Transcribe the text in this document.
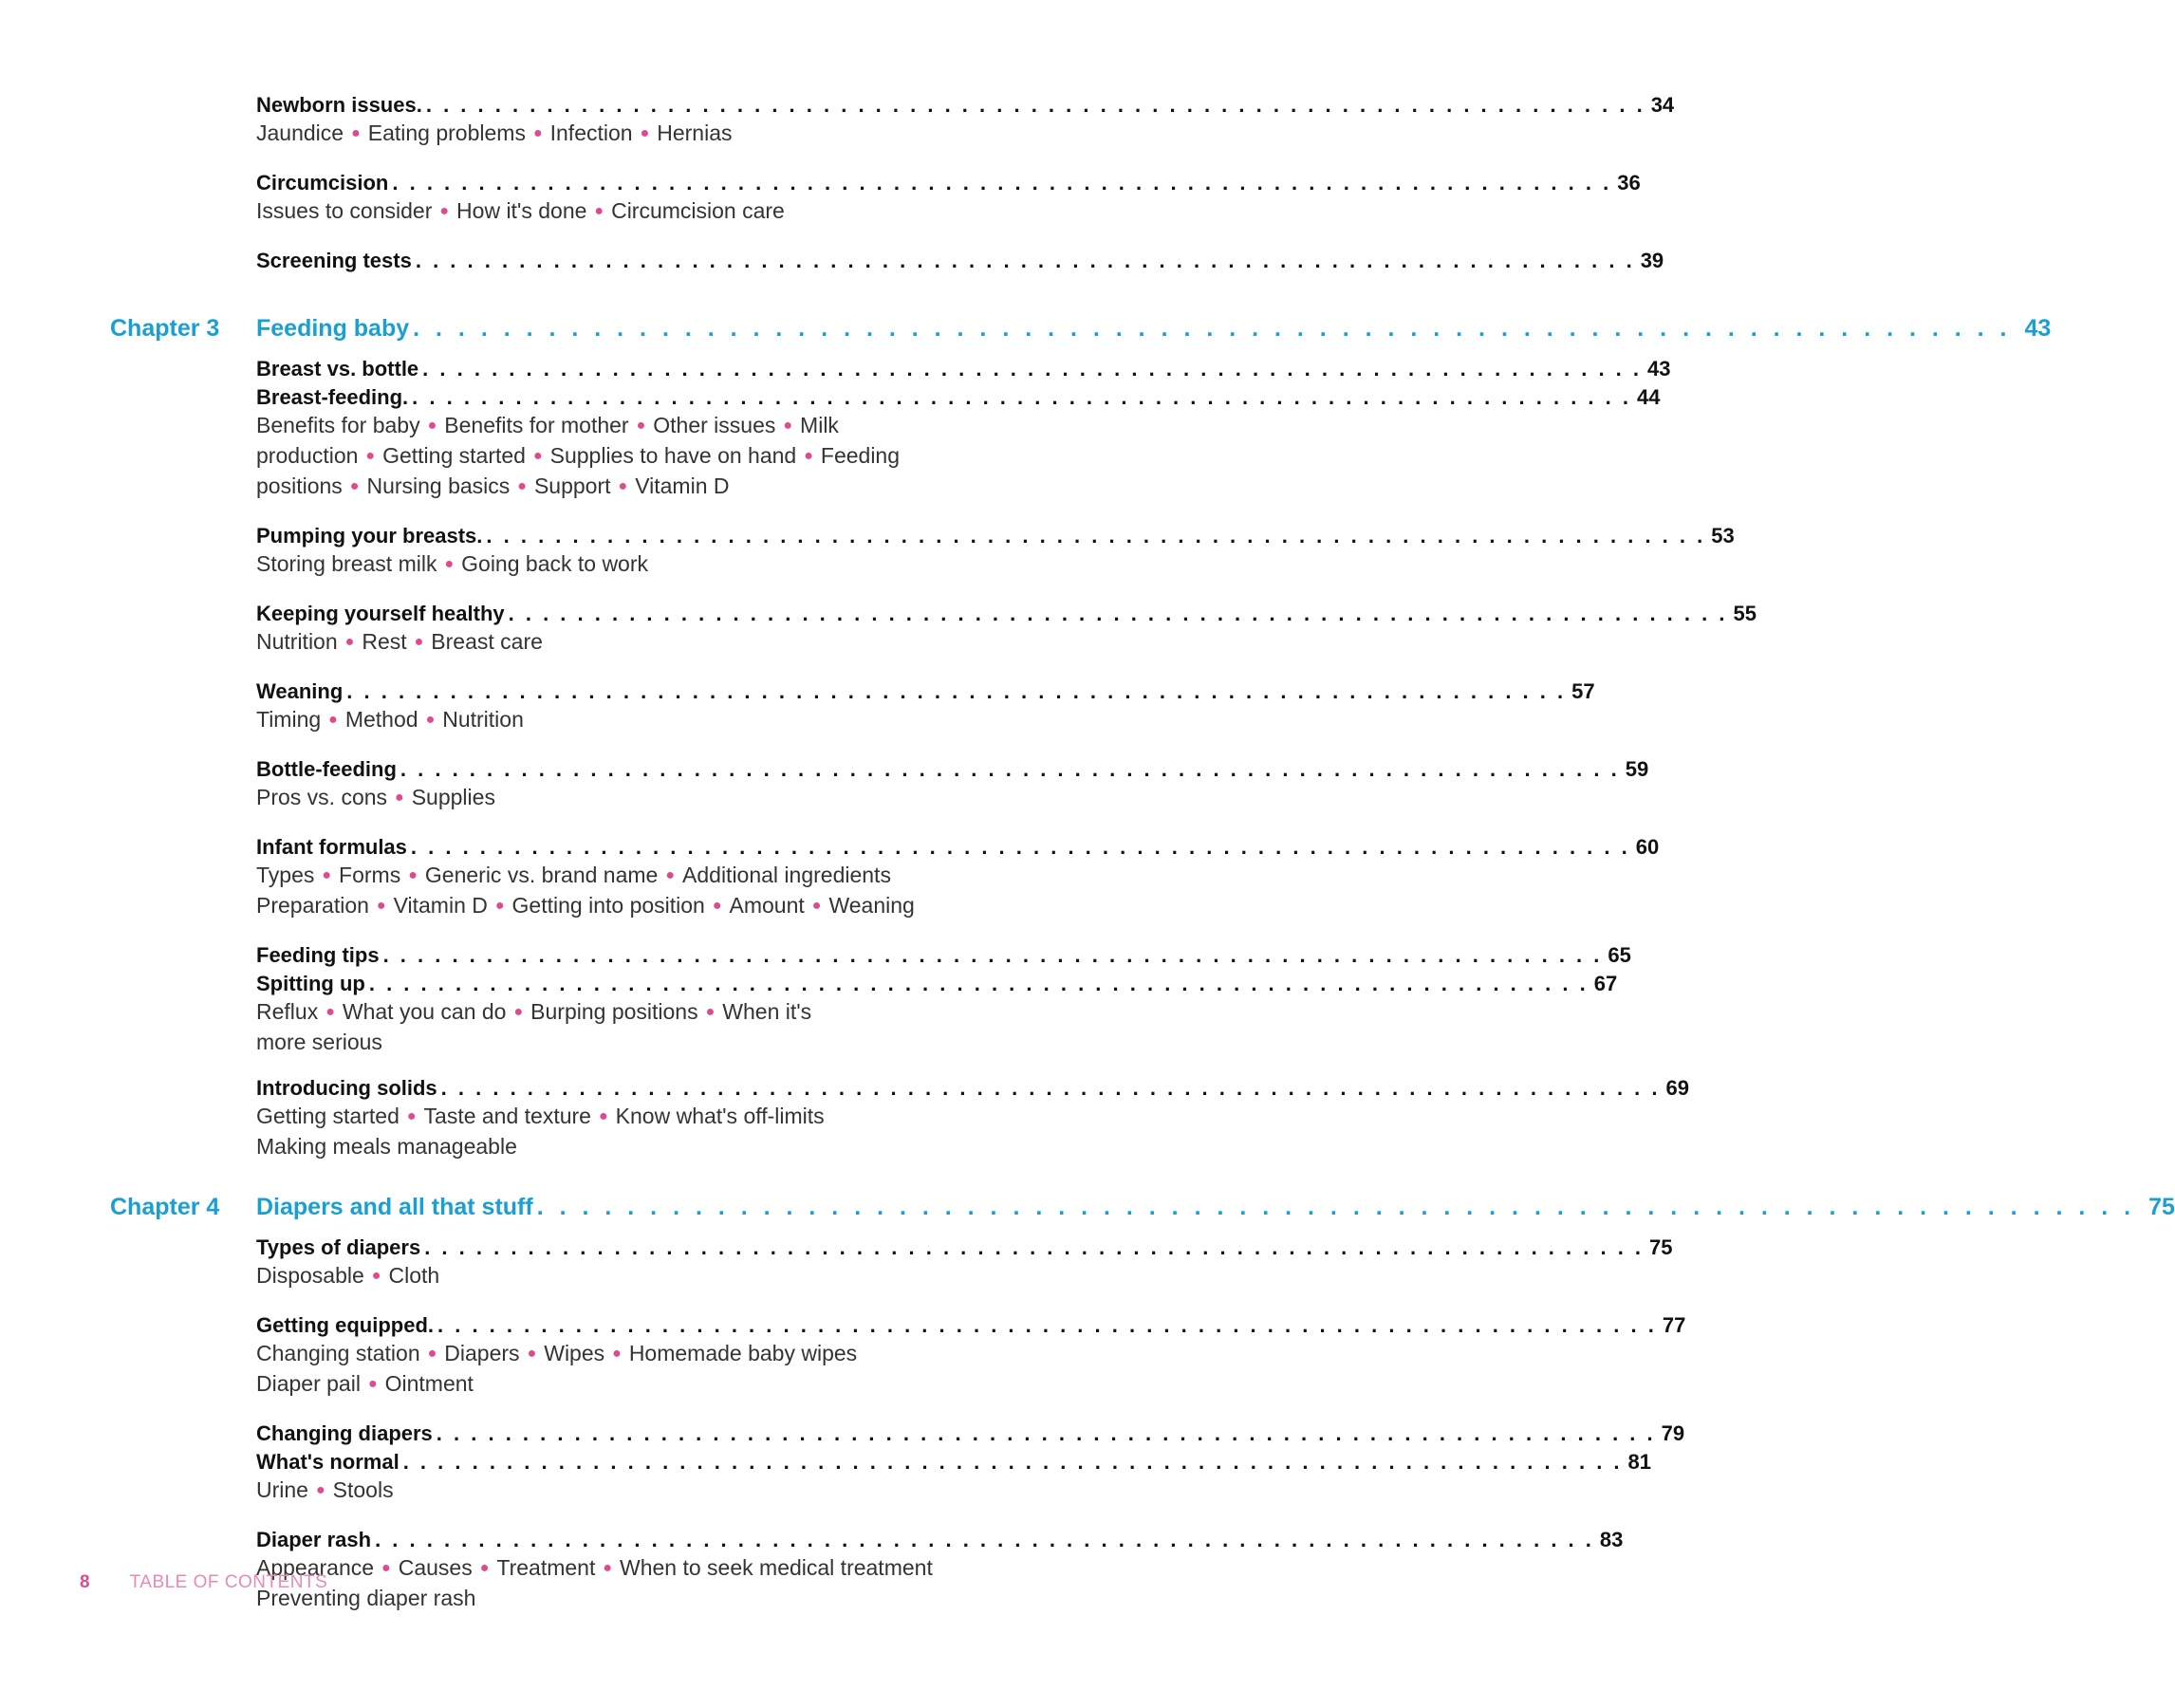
Newborn issues. . . . . . . . . . . . . . . . . . . . . . . . . . . . . . . . . . . . . . . . . . . . . . . . . . . . . . . . . . . . . . . . . . . . . . . . 34
Jaundice ● Eating problems ● Infection ● Hernias
Circumcision . . . . . . . . . . . . . . . . . . . . . . . . . . . . . . . . . . . . . . . . . . . . . . . . . . . . . . . . . . . . . . . . . . . . . . . 36
Issues to consider ● How it's done ● Circumcision care
Screening tests . . . . . . . . . . . . . . . . . . . . . . . . . . . . . . . . . . . . . . . . . . . . . . . . . . . . . . . . . . . . . . . . . . . . . . . 39
Chapter 3 Feeding baby . . . . . . . . . . . . . . . . . . . . . . . . . . . . . . . . . . . . . . . . . . . . . . . . . . . . . . . . . . . . . . . . . . . . . . . 43
Breast vs. bottle . . . . . . . . . . . . . . . . . . . . . . . . . . . . . . . . . . . . . . . . . . . . . . . . . . . . . . . . . . . . . . . . . . . . . . . 43
Breast-feeding. . . . . . . . . . . . . . . . . . . . . . . . . . . . . . . . . . . . . . . . . . . . . . . . . . . . . . . . . . . . . . . . . . . . . . . . 44
Benefits for baby ● Benefits for mother ● Other issues ● Milk
production ● Getting started ● Supplies to have on hand ● Feeding
positions ● Nursing basics ● Support ● Vitamin D
Pumping your breasts. . . . . . . . . . . . . . . . . . . . . . . . . . . . . . . . . . . . . . . . . . . . . . . . . . . . . . . . . . . . . . . . . . . . . . . . 53
Storing breast milk ● Going back to work
Keeping yourself healthy . . . . . . . . . . . . . . . . . . . . . . . . . . . . . . . . . . . . . . . . . . . . . . . . . . . . . . . . . . . . . . . . . . . . . . . 55
Nutrition ● Rest ● Breast care
Weaning . . . . . . . . . . . . . . . . . . . . . . . . . . . . . . . . . . . . . . . . . . . . . . . . . . . . . . . . . . . . . . . . . . . . . . . 57
Timing ● Method ● Nutrition
Bottle-feeding . . . . . . . . . . . . . . . . . . . . . . . . . . . . . . . . . . . . . . . . . . . . . . . . . . . . . . . . . . . . . . . . . . . . . . . 59
Pros vs. cons ● Supplies
Infant formulas . . . . . . . . . . . . . . . . . . . . . . . . . . . . . . . . . . . . . . . . . . . . . . . . . . . . . . . . . . . . . . . . . . . . . . . 60
Types ● Forms ● Generic vs. brand name ● Additional ingredients
Preparation ● Vitamin D ● Getting into position ● Amount ● Weaning
Feeding tips . . . . . . . . . . . . . . . . . . . . . . . . . . . . . . . . . . . . . . . . . . . . . . . . . . . . . . . . . . . . . . . . . . . . . . . 65
Spitting up . . . . . . . . . . . . . . . . . . . . . . . . . . . . . . . . . . . . . . . . . . . . . . . . . . . . . . . . . . . . . . . . . . . . . . . 67
Reflux ● What you can do ● Burping positions ● When it's
more serious
Introducing solids . . . . . . . . . . . . . . . . . . . . . . . . . . . . . . . . . . . . . . . . . . . . . . . . . . . . . . . . . . . . . . . . . . . . . . . 69
Getting started ● Taste and texture ● Know what's off-limits
Making meals manageable
Chapter 4 Diapers and all that stuff . . . . . . . . . . . . . . . . . . . . . . . . . . . . . . . . . . . . . . . . . . . . . . . . . . . . . . . . . . . . . . . . . . . . . . . 75
Types of diapers . . . . . . . . . . . . . . . . . . . . . . . . . . . . . . . . . . . . . . . . . . . . . . . . . . . . . . . . . . . . . . . . . . . . . . . 75
Disposable ● Cloth
Getting equipped. . . . . . . . . . . . . . . . . . . . . . . . . . . . . . . . . . . . . . . . . . . . . . . . . . . . . . . . . . . . . . . . . . . . . . . . 77
Changing station ● Diapers ● Wipes ● Homemade baby wipes
Diaper pail ● Ointment
Changing diapers . . . . . . . . . . . . . . . . . . . . . . . . . . . . . . . . . . . . . . . . . . . . . . . . . . . . . . . . . . . . . . . . . . . . . . . 79
What's normal . . . . . . . . . . . . . . . . . . . . . . . . . . . . . . . . . . . . . . . . . . . . . . . . . . . . . . . . . . . . . . . . . . . . . . . 81
Urine ● Stools
Diaper rash . . . . . . . . . . . . . . . . . . . . . . . . . . . . . . . . . . . . . . . . . . . . . . . . . . . . . . . . . . . . . . . . . . . . . . . 83
Appearance ● Causes ● Treatment ● When to seek medical treatment
Preventing diaper rash
8 TABLE OF CONTENTS
